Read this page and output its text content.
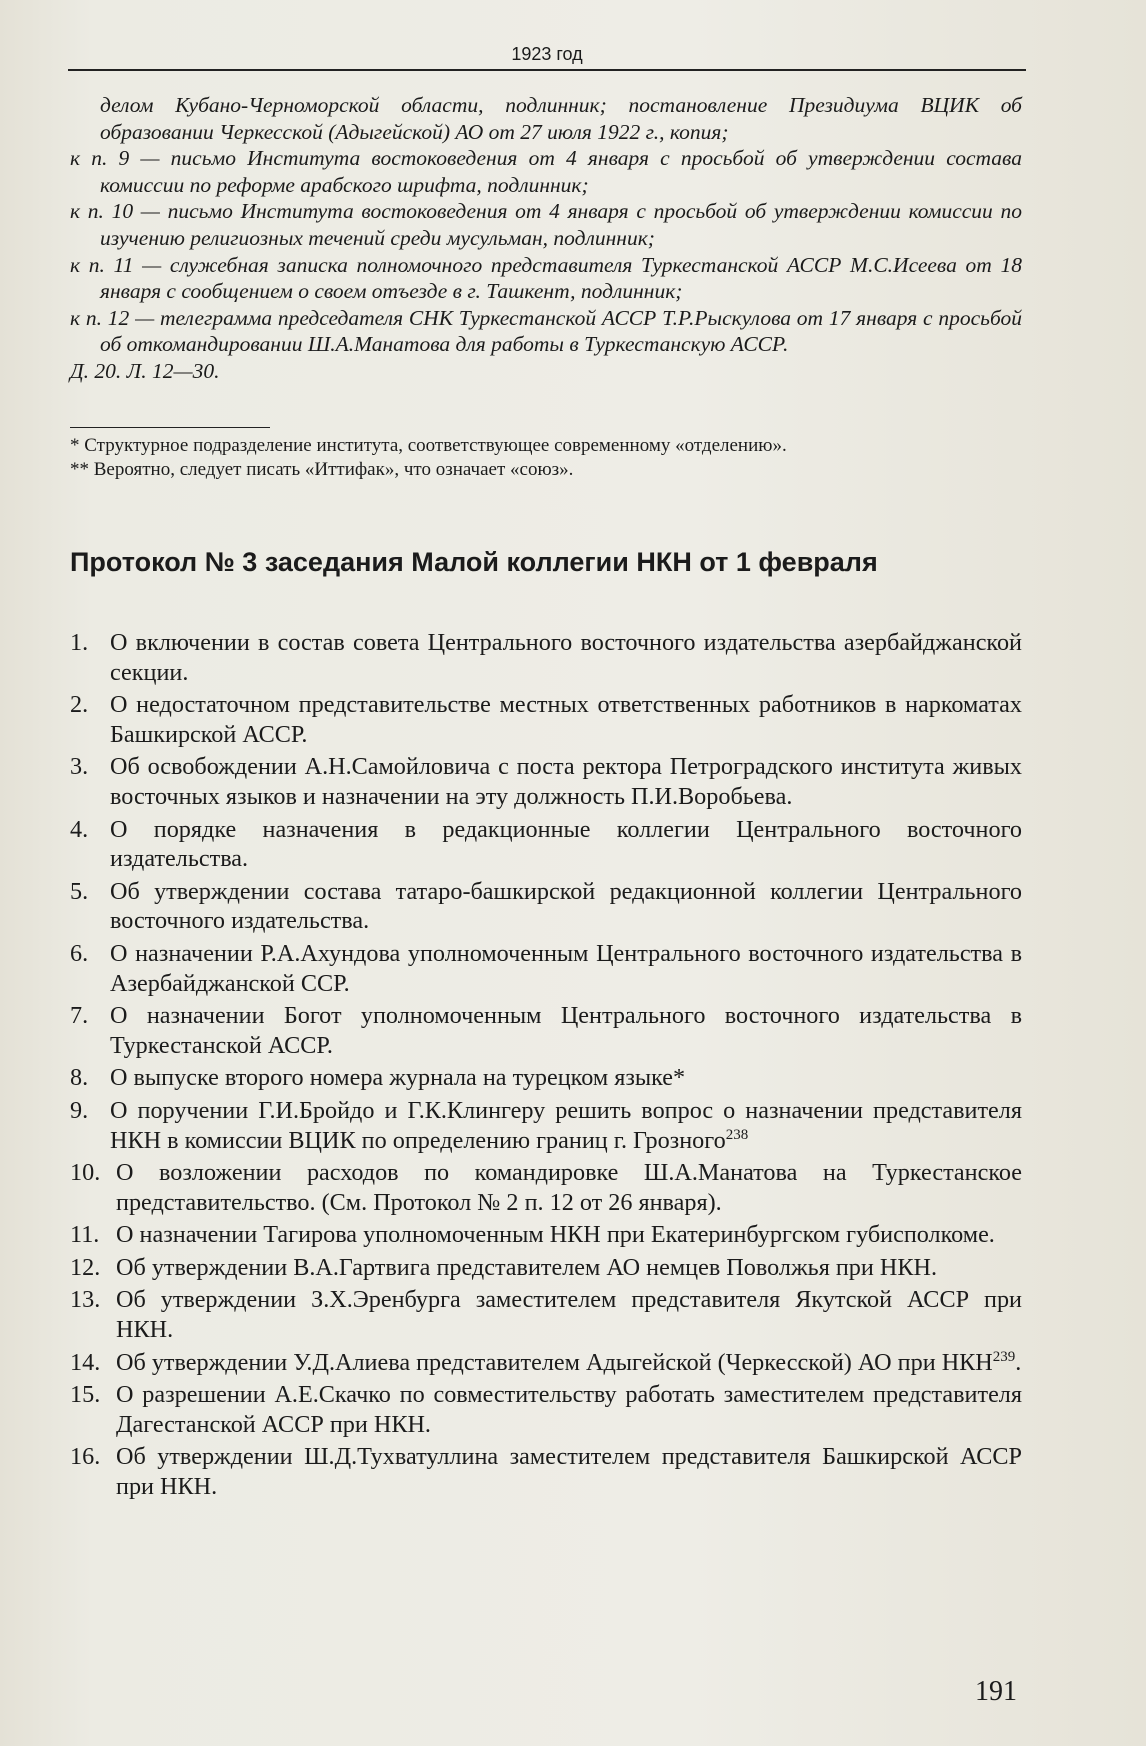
1923 год

делом Кубано-Черноморской области, подлинник; постановление Президиума ВЦИК об образовании Черкесской (Адыгейской) АО от 27 июля 1922 г., копия;

к п. 9 — письмо Института востоковедения от 4 января с просьбой об утверждении состава комиссии по реформе арабского шрифта, подлинник;

к п. 10 — письмо Института востоковедения от 4 января с просьбой об утверждении комиссии по изучению религиозных течений среди мусульман, подлинник;

к п. 11 — служебная записка полномочного представителя Туркестанской АССР М.С.Исеева от 18 января с сообщением о своем отъезде в г. Ташкент, подлинник;

к п. 12 — телеграмма председателя СНК Туркестанской АССР Т.Р.Рыскулова от 17 января с просьбой об откомандировании Ш.А.Манатова для работы в Туркестанскую АССР.

Д. 20. Л. 12—30.

* Структурное подразделение института, соответствующее современному «отделению».

** Вероятно, следует писать «Иттифак», что означает «союз».

Протокол № 3 заседания Малой коллегии НКН от 1 февраля
1. О включении в состав совета Центрального восточного издательства азербайджанской секции.
2. О недостаточном представительстве местных ответственных работников в наркоматах Башкирской АССР.
3. Об освобождении А.Н.Самойловича с поста ректора Петроградского института живых восточных языков и назначении на эту должность П.И.Воробьева.
4. О порядке назначения в редакционные коллегии Центрального восточного издательства.
5. Об утверждении состава татаро-башкирской редакционной коллегии Центрального восточного издательства.
6. О назначении Р.А.Ахундова уполномоченным Центрального восточного издательства в Азербайджанской ССР.
7. О назначении Богот уполномоченным Центрального восточного издательства в Туркестанской АССР.
8. О выпуске второго номера журнала на турецком языке*
9. О поручении Г.И.Бройдо и Г.К.Клингеру решить вопрос о назначении представителя НКН в комиссии ВЦИК по определению границ г. Грозного$^{238}$
10. О возложении расходов по командировке Ш.А.Манатова на Туркестанское представительство. (См. Протокол № 2 п. 12 от 26 января).
11. О назначении Тагирова уполномоченным НКН при Екатеринбургском губисполкоме.
12. Об утверждении В.А.Гартвига представителем АО немцев Поволжья при НКН.
13. Об утверждении З.Х.Эренбурга заместителем представителя Якутской АССР при НКН.
14. Об утверждении У.Д.Алиева представителем Адыгейской (Черкесской) АО при НКН$^{239}$.
15. О разрешении А.Е.Скачко по совместительству работать заместителем представителя Дагестанской АССР при НКН.
16. Об утверждении Ш.Д.Тухватуллина заместителем представителя Башкирской АССР при НКН.
191
